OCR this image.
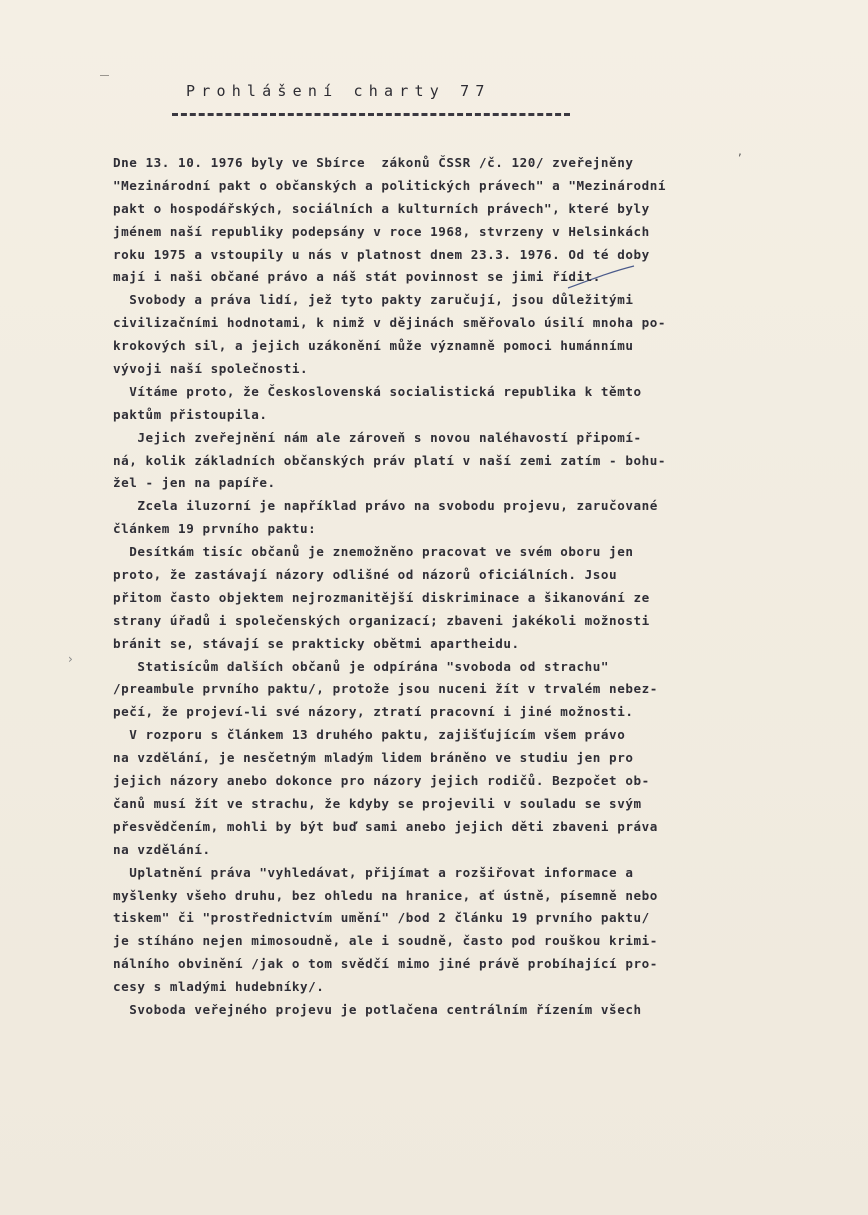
,
Prohlášení charty 77
Dne 13. 10. 1976 byly ve Sbírce  zákonů ČSSR /č. 120/ zveřejněny
"Mezinárodní pakt o občanských a politických právech" a "Mezinárodní
pakt o hospodářských, sociálních a kulturních právech", které byly
jménem naší republiky podepsány v roce 1968, stvrzeny v Helsinkách
roku 1975 a vstoupily u nás v platnost dnem 23.3. 1976. Od té doby
mají i naši občané právo a náš stát povinnost se jimi řídit.
Svobody a práva lidí, jež tyto pakty zaručují, jsou důležitými
civilizačními hodnotami, k nimž v dějinách směřovalo úsilí mnoha po-
krokových sil, a jejich uzákonění může významně pomoci humánnímu
vývoji naší společnosti.
Vítáme proto, že Československá socialistická republika k těmto
paktům přistoupila.
Jejich zveřejnění nám ale zároveň s novou naléhavostí připomí-
ná, kolik základních občanských práv platí v naší zemi zatím - bohu-
žel - jen na papíře.
Zcela iluzorní je například právo na svobodu projevu, zaručované
článkem 19 prvního paktu:
Desítkám tisíc občanů je znemožněno pracovat ve svém oboru jen
proto, že zastávají názory odlišné od názorů oficiálních. Jsou
přitom často objektem nejrozmanitější diskriminace a šikanování ze
strany úřadů i společenských organizací; zbaveni jakékoli možnosti
bránit se, stávají se prakticky obětmi apartheidu.
Statisícům dalších občanů je odpírána "svoboda od strachu"
/preambule prvního paktu/, protože jsou nuceni žít v trvalém nebez-
pečí, že projeví-li své názory, ztratí pracovní i jiné možnosti.
V rozporu s článkem 13 druhého paktu, zajišťujícím všem právo
na vzdělání, je nesčetným mladým lidem bráněno ve studiu jen pro
jejich názory anebo dokonce pro názory jejich rodičů. Bezpočet ob-
čanů musí žít ve strachu, že kdyby se projevili v souladu se svým
přesvědčením, mohli by být buď sami anebo jejich děti zbaveni práva
na vzdělání.
Uplatnění práva "vyhledávat, přijímat a rozšiřovat informace a
myšlenky všeho druhu, bez ohledu na hranice, ať ústně, písemně nebo
tiskem" či "prostřednictvím umění" /bod 2 článku 19 prvního paktu/
je stíháno nejen mimosoudně, ale i soudně, často pod rouškou krimi-
nálního obvinění /jak o tom svědčí mimo jiné právě probíhající pro-
cesy s mladými hudebníky/.
Svoboda veřejného projevu je potlačena centrálním řízením všech
›
